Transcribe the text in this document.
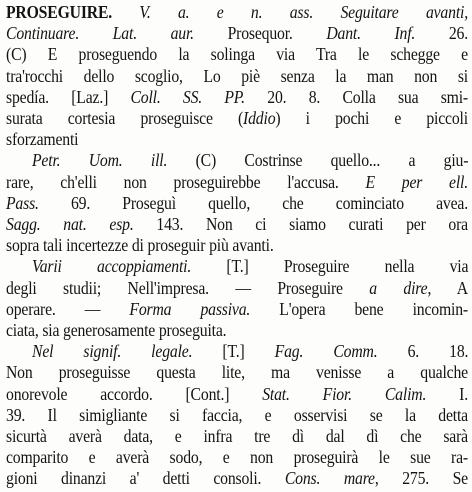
PROSEGUIRE. V. a. e n. ass. Seguitare avanti,
Continuare. Lat. aur. Prosequor. Dant. Inf. 26.
(C) E proseguendo la solinga via Tra le schegge e
tra'rocchi dello scoglio, Lo piè senza la man non si
spedía. [Laz.] Coll. SS. PP. 20. 8. Colla sua smi-
surata cortesia proseguisce (Iddio) i pochi e piccoli
sforzamenti
Petr. Uom. ill. (C) Costrinse quello... a giu-
rare, ch'elli non proseguirebbe l'accusa. E per ell.
Pass. 69. Proseguì quello, che cominciato avea.
Sagg. nat. esp. 143. Non ci siamo curati per ora
sopra tali incertezze di proseguir più avanti.
Varii accoppiamenti. [T.] Proseguire nella via
degli studii; Nell'impresa. — Proseguire a dire, A
operare. — Forma passiva. L'opera bene incomin-
ciata, sia generosamente proseguita.
Nel signif. legale. [T.] Fag. Comm. 6. 18.
Non proseguisse questa lite, ma venisse a qualche
onorevole accordo. [Cont.] Stat. Fior. Calim. I.
39. Il simigliante si faccia, e osservisi se la detta
sicurtà averà data, e infra tre dì dal dì che sarà
comparito e averà sodo, e non proseguirà le sue ra-
gioni dinanzi a' detti consoli. Cons. mare, 275. Se
